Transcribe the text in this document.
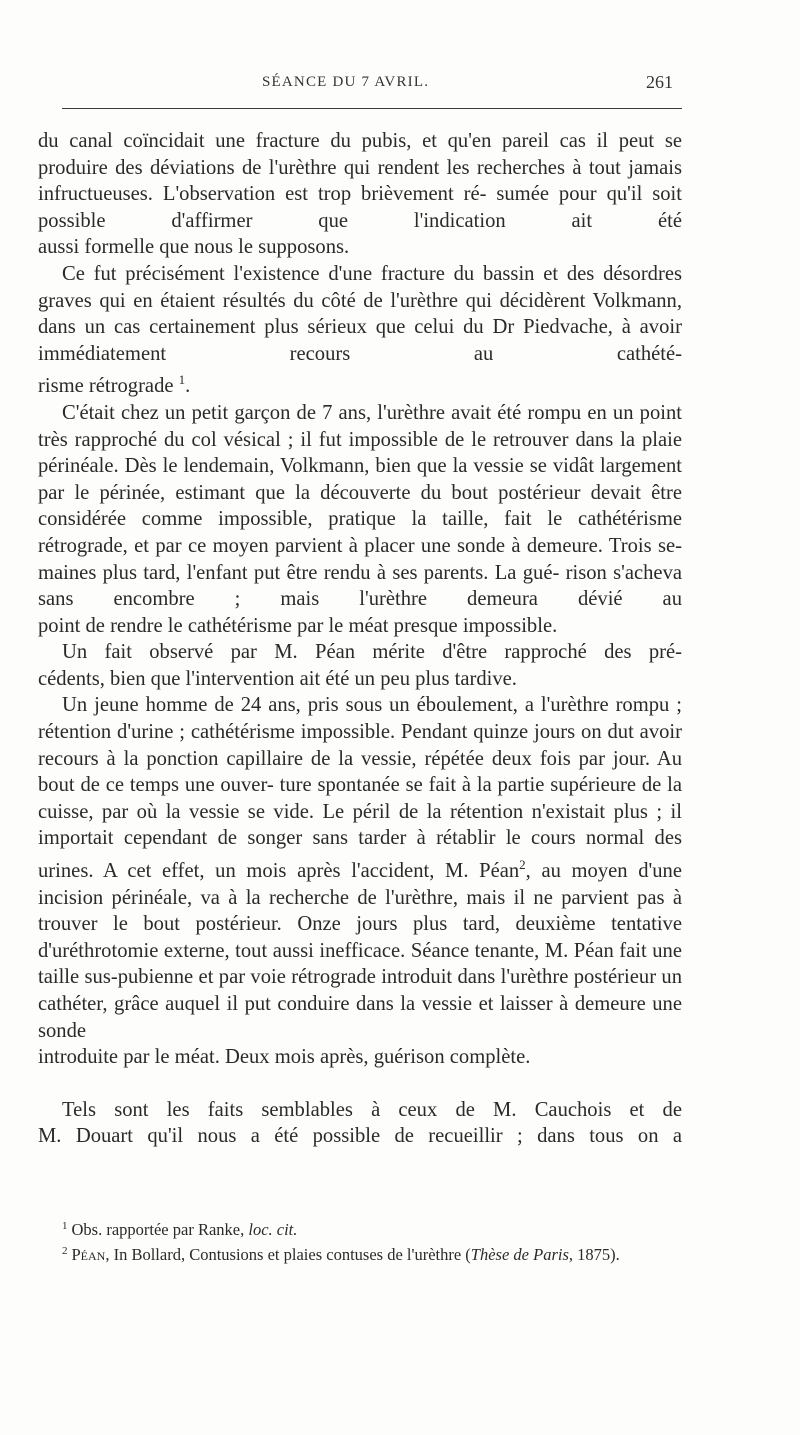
SÉANCE DU 7 AVRIL.	261

du canal coïncidait une fracture du pubis, et qu'en pareil cas il peut se produire des déviations de l'urèthre qui rendent les recherches à tout jamais infructueuses. L'observation est trop brièvement ré- sumée pour qu'il soit possible d'affirmer que l'indication ait été

aussi formelle que nous le supposons.

Ce fut précisément l'existence d'une fracture du bassin et des désordres graves qui en étaient résultés du côté de l'urèthre qui décidèrent Volkmann, dans un cas certainement plus sérieux que celui du Dr Piedvache, à avoir immédiatement recours au cathété-

risme rétrograde $^1$.

C'était chez un petit garçon de 7 ans, l'urèthre avait été rompu en un point très rapproché du col vésical ; il fut impossible de le retrouver dans la plaie périnéale. Dès le lendemain, Volkmann, bien que la vessie se vidât largement par le périnée, estimant que la découverte du bout postérieur devait être considérée comme impossible, pratique la taille, fait le cathétérisme rétrograde, et par ce moyen parvient à placer une sonde à demeure. Trois se- maines plus tard, l'enfant put être rendu à ses parents. La gué- rison s'acheva sans encombre ; mais l'urèthre demeura dévié au

point de rendre le cathétérisme par le méat presque impossible.

Un fait observé par M. Péan mérite d'être rapproché des pré-

cédents, bien que l'intervention ait été un peu plus tardive.

Un jeune homme de 24 ans, pris sous un éboulement, a l'urèthre rompu ; rétention d'urine ; cathétérisme impossible. Pendant quinze jours on dut avoir recours à la ponction capillaire de la vessie, répétée deux fois par jour. Au bout de ce temps une ouver- ture spontanée se fait à la partie supérieure de la cuisse, par où la vessie se vide. Le péril de la rétention n'existait plus ; il importait cependant de songer sans tarder à rétablir le cours normal des urines. A cet effet, un mois après l'accident, M. Péan$^2$, au moyen d'une incision périnéale, va à la recherche de l'urèthre, mais il ne parvient pas à trouver le bout postérieur. Onze jours plus tard, deuxième tentative d'uréthrotomie externe, tout aussi inefficace. Séance tenante, M. Péan fait une taille sus-pubienne et par voie rétrograde introduit dans l'urèthre postérieur un cathéter, grâce auquel il put conduire dans la vessie et laisser à demeure une sonde

introduite par le méat. Deux mois après, guérison complète.

Tels sont les faits semblables à ceux de M. Cauchois et de

M. Douart qu'il nous a été possible de recueillir ; dans tous on a

$^1$ Obs. rapportée par Ranke, loc. cit.

$^2$ Péan, In Bollard, Contusions et plaies contuses de l'urèthre (Thèse de Paris, 1875).
